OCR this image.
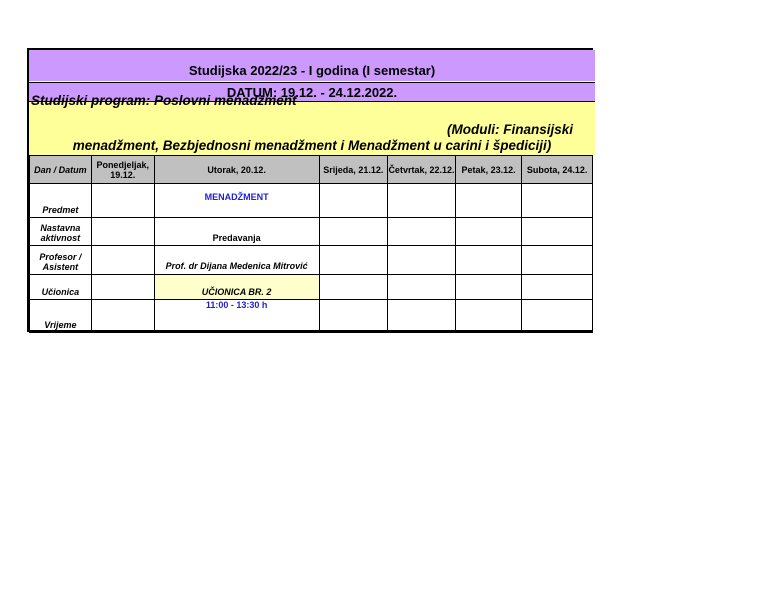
Studijska 2022/23 - I godina (I semestar)
DATUM: 19.12. - 24.12.2022.
Studijski program: Poslovni menadžment
(Moduli: Finansijski
menadžment, Bezbjednosni menadžment i Menadžment u carini i špediciji)
Dan / Datum	Ponedjeljak, 19.12.	Utorak, 20.12.	Srijeda, 21.12.	Četvrtak, 22.12.	Petak, 23.12.	Subota, 24.12.
Predmet		MENADŽMENT				
Nastavna aktivnost		Predavanja				
Profesor / Asistent		Prof. dr Dijana Medenica Mitrović				
Učionica		UČIONICA BR. 2				
Vrijeme		11:00 - 13:30 h				
